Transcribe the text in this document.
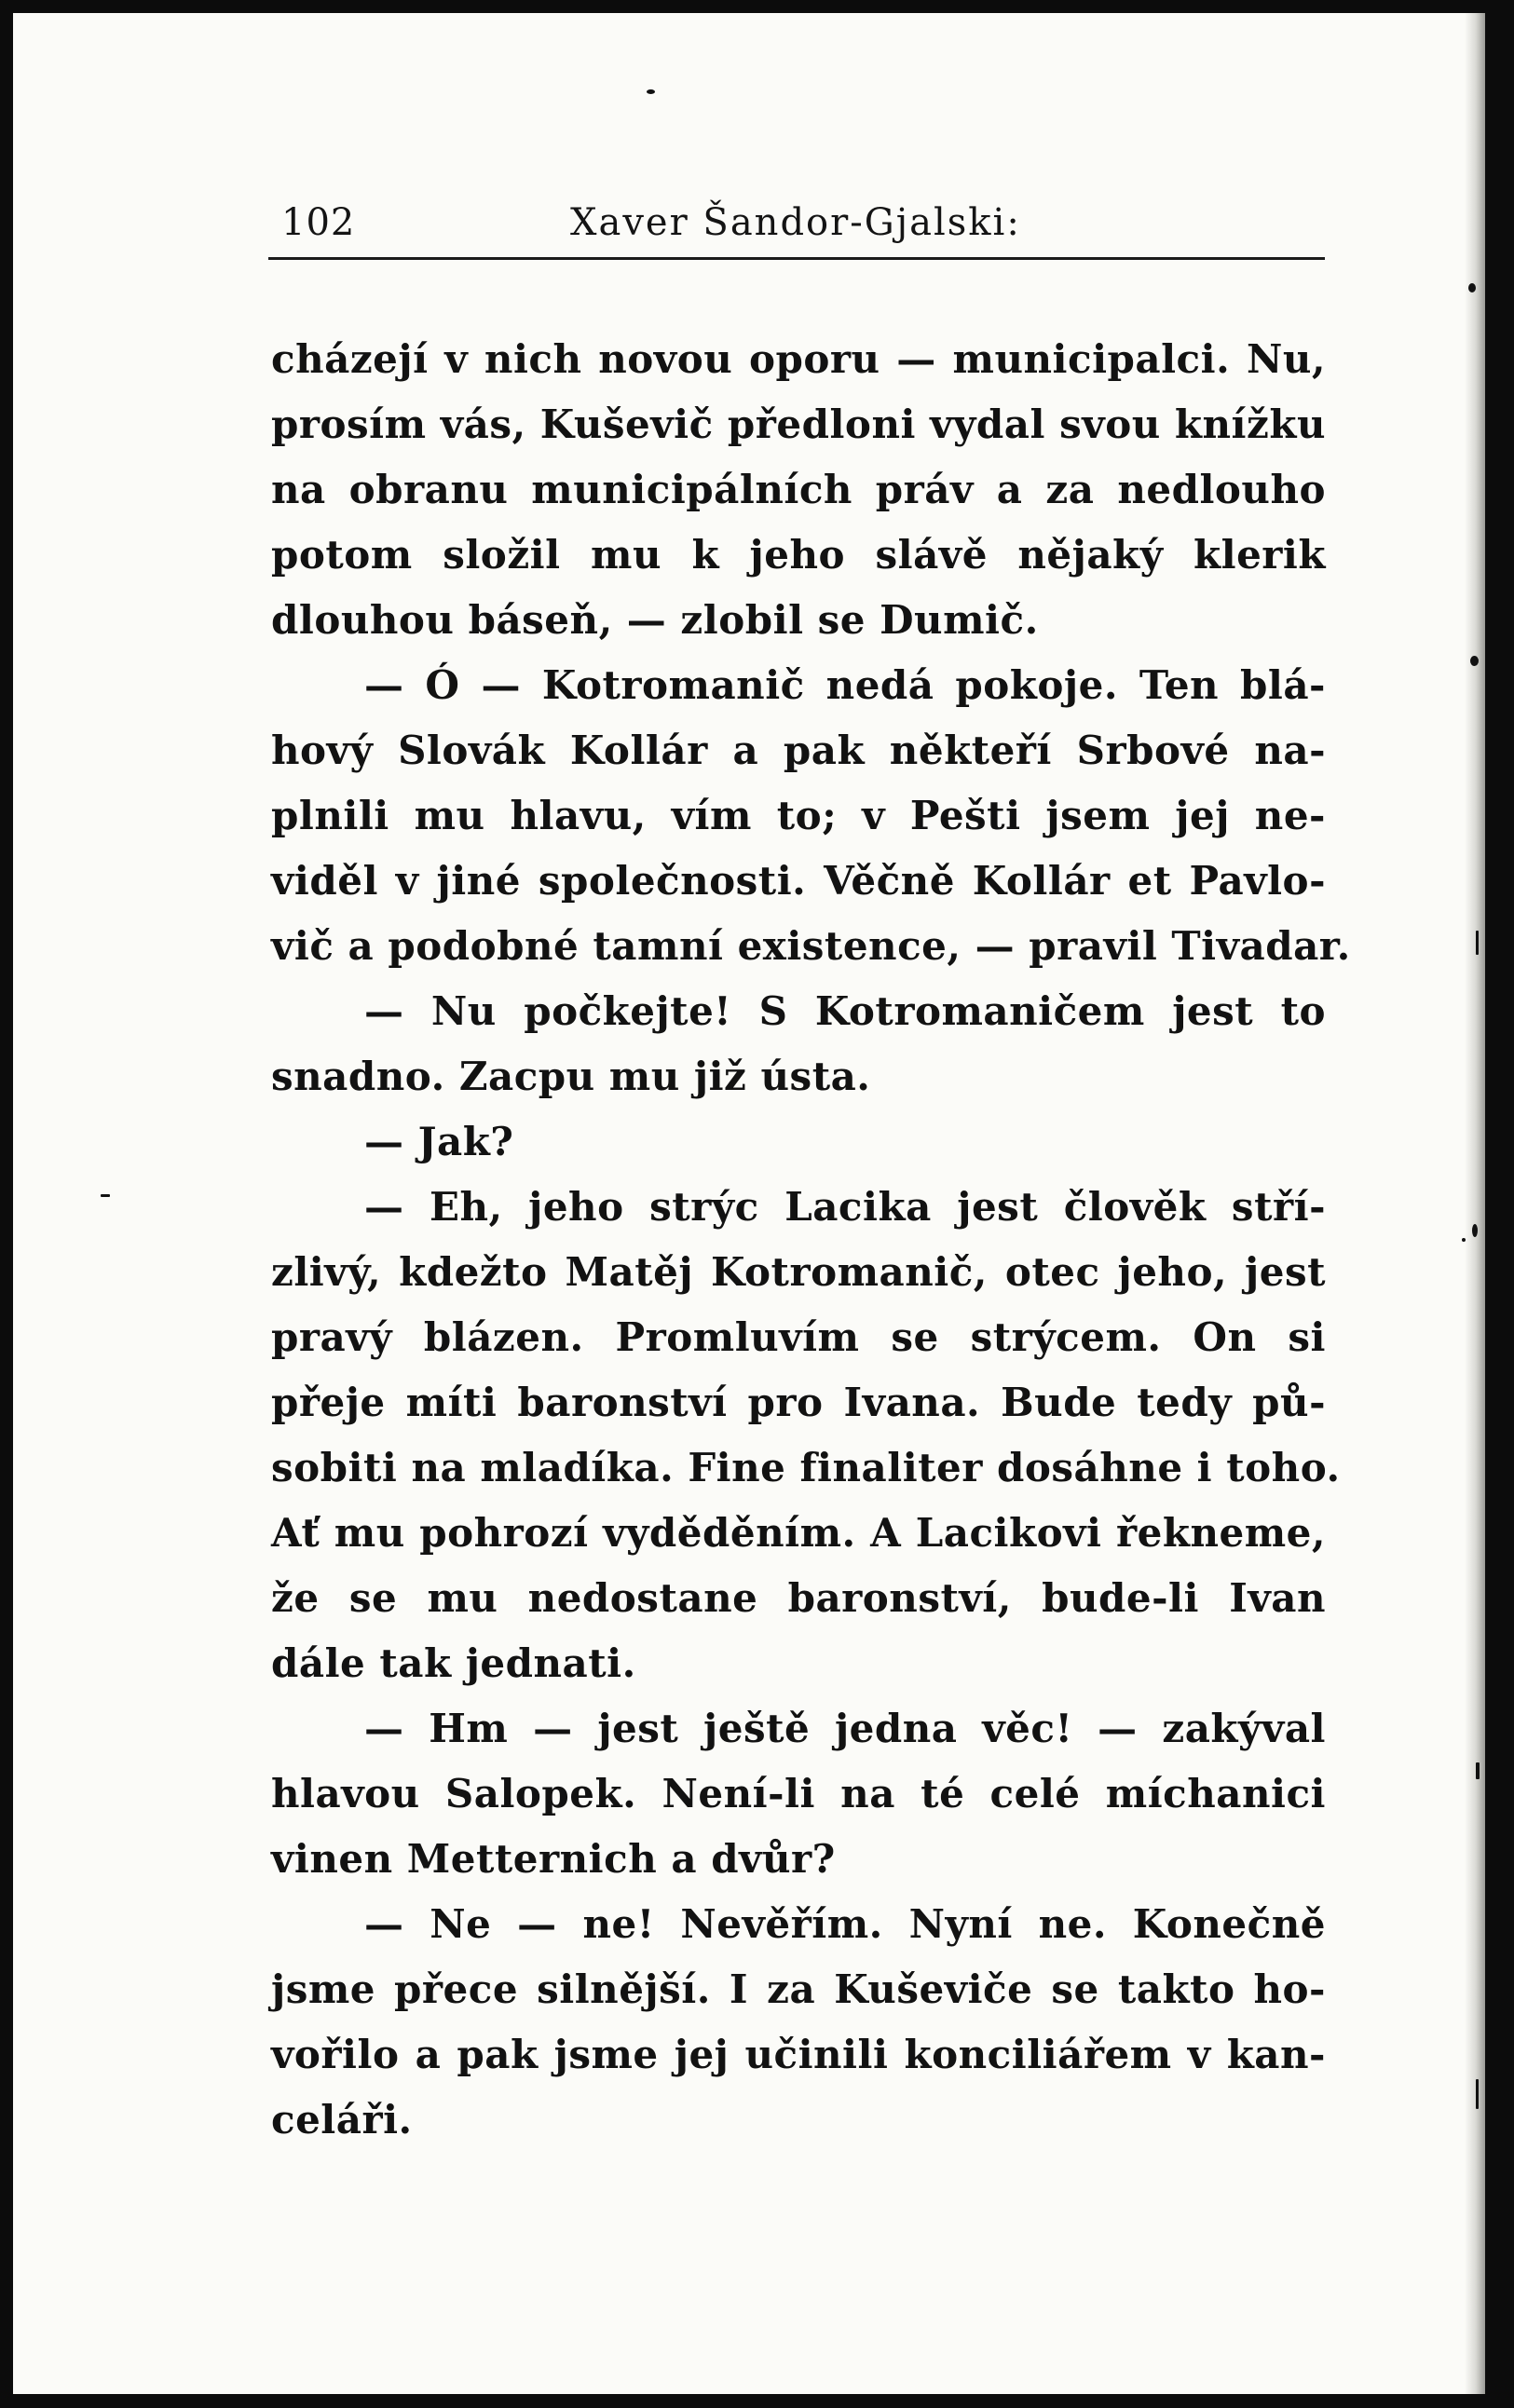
102	Xaver Šandor-Gjalski:
cházejí v nich novou oporu — municipalci. Nu,
prosím vás, Kuševič předloni vydal svou knížku
na obranu municipálních práv a za nedlouho
potom složil mu k jeho slávě nějaký klerik
dlouhou báseň, — zlobil se Dumič.
— Ó — Kotromanič nedá pokoje. Ten blá-
hový Slovák Kollár a pak někteří Srbové na-
plnili mu hlavu, vím to; v Pešti jsem jej ne-
viděl v jiné společnosti. Věčně Kollár et Pavlo-
vič a podobné tamní existence, — pravil Tivadar.
— Nu počkejte! S Kotromaničem jest to
snadno. Zacpu mu již ústa.
— Jak?
— Eh, jeho strýc Lacika jest člověk stří-
zlivý, kdežto Matěj Kotromanič, otec jeho, jest
pravý blázen. Promluvím se strýcem. On si
přeje míti baronství pro Ivana. Bude tedy pů-
sobiti na mladíka. Fine finaliter dosáhne i toho.
Ať mu pohrozí vyděděním. A Lacikovi řekneme,
že se mu nedostane baronství, bude-li Ivan
dále tak jednati.
— Hm — jest ještě jedna věc! — zakýval
hlavou Salopek. Není-li na té celé míchanici
vinen Metternich a dvůr?
— Ne — ne! Nevěřím. Nyní ne. Konečně
jsme přece silnější. I za Kuševiče se takto ho-
vořilo a pak jsme jej učinili konciliářem v kan-
celáři.
